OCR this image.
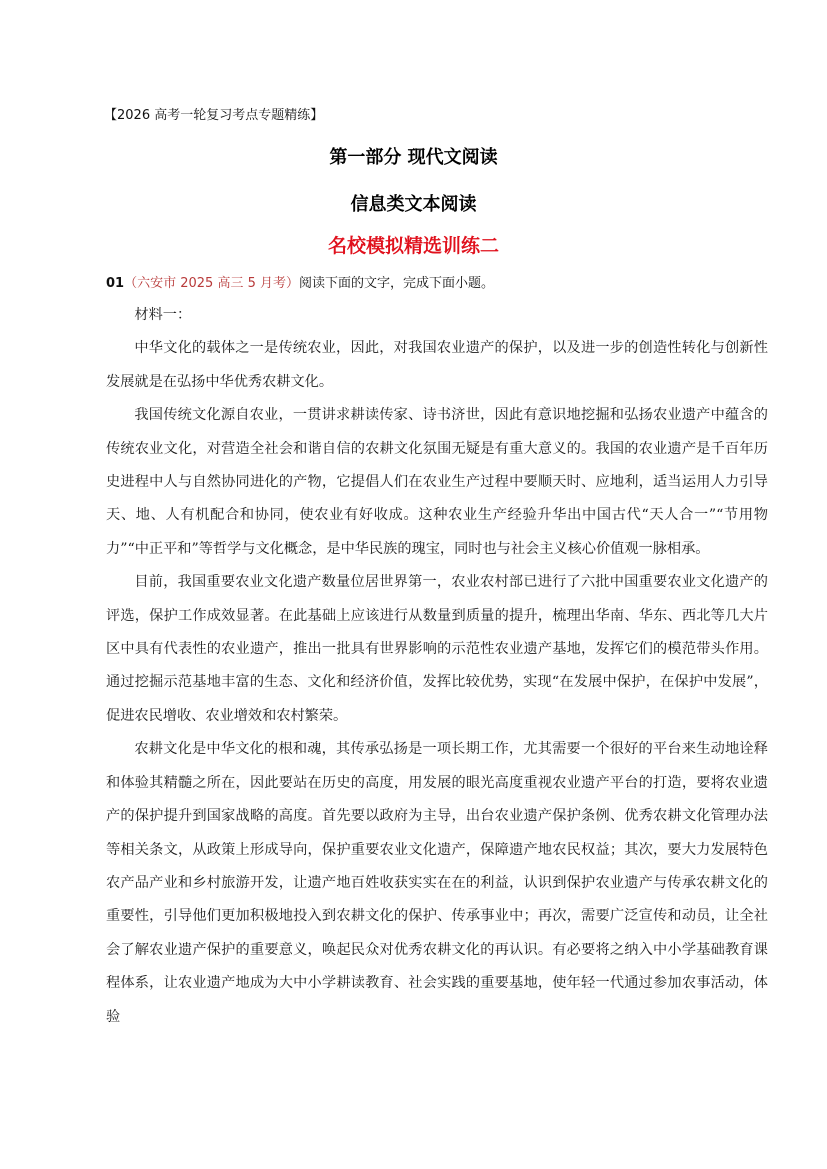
【2026 高考一轮复习考点专题精练】
第一部分 现代文阅读
信息类文本阅读
名校模拟精选训练二
01（六安市 2025 高三 5 月考）阅读下面的文字，完成下面小题。

材料一：

中华文化的载体之一是传统农业，因此，对我国农业遗产的保护，以及进一步的创造性转化与创新性发展就是在弘扬中华优秀农耕文化。

我国传统文化源自农业，一贯讲求耕读传家、诗书济世，因此有意识地挖掘和弘扬农业遗产中蕴含的传统农业文化，对营造全社会和谐自信的农耕文化氛围无疑是有重大意义的。我国的农业遗产是千百年历史进程中人与自然协同进化的产物，它提倡人们在农业生产过程中要顺天时、应地利，适当运用人力引导天、地、人有机配合和协同，使农业有好收成。这种农业生产经验升华出中国古代“天人合一”“节用物力”“中正平和”等哲学与文化概念，是中华民族的瑰宝，同时也与社会主义核心价值观一脉相承。

目前，我国重要农业文化遗产数量位居世界第一，农业农村部已进行了六批中国重要农业文化遗产的评选，保护工作成效显著。在此基础上应该进行从数量到质量的提升，梳理出华南、华东、西北等几大片区中具有代表性的农业遗产，推出一批具有世界影响的示范性农业遗产基地，发挥它们的模范带头作用。通过挖掘示范基地丰富的生态、文化和经济价值，发挥比较优势，实现“在发展中保护，在保护中发展”，促进农民增收、农业增效和农村繁荣。

农耕文化是中华文化的根和魂，其传承弘扬是一项长期工作，尤其需要一个很好的平台来生动地诠释和体验其精髓之所在，因此要站在历史的高度，用发展的眼光高度重视农业遗产平台的打造，要将农业遗产的保护提升到国家战略的高度。首先要以政府为主导，出台农业遗产保护条例、优秀农耕文化管理办法等相关条文，从政策上形成导向，保护重要农业文化遗产，保障遗产地农民权益；其次，要大力发展特色农产品产业和乡村旅游开发，让遗产地百姓收获实实在在的利益，认识到保护农业遗产与传承农耕文化的重要性，引导他们更加积极地投入到农耕文化的保护、传承事业中；再次，需要广泛宣传和动员，让全社会了解农业遗产保护的重要意义，唤起民众对优秀农耕文化的再认识。有必要将之纳入中小学基础教育课程体系，让农业遗产地成为大中小学耕读教育、社会实践的重要基地，使年轻一代通过参加农事活动，体验
